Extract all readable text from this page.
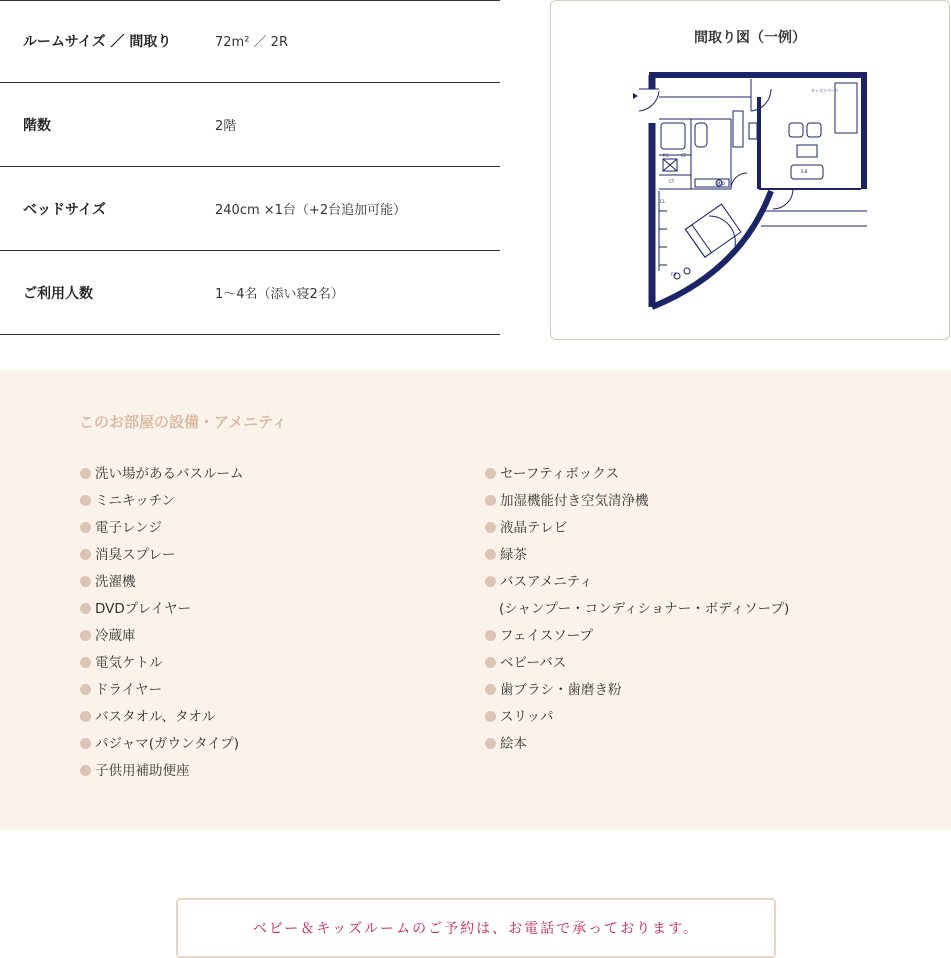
ルームサイズ ／ 間取り	72m² ／ 2R
階数	2階
ベッドサイズ	240cm ×1台（+2台追加可能）
ご利用人数	1〜4名（添い寝2名）
間取り図（一例）
キッズスペース
S.B
P.S	CT
CT	M/D
CL
F.S
このお部屋の設備・アメニティ
洗い場があるバスルーム
ミニキッチン
電子レンジ
消臭スプレー
洗濯機
DVDプレイヤー
冷蔵庫
電気ケトル
ドライヤー
バスタオル、タオル
パジャマ(ガウンタイプ)
子供用補助便座
セーフティボックス
加湿機能付き空気清浄機
液晶テレビ
緑茶
バスアメニティ
(シャンプー・コンディショナー・ボディソープ)
フェイスソープ
ベビーバス
歯ブラシ・歯磨き粉
スリッパ
絵本
ベビー＆キッズルームのご予約は、お電話で承っております。
